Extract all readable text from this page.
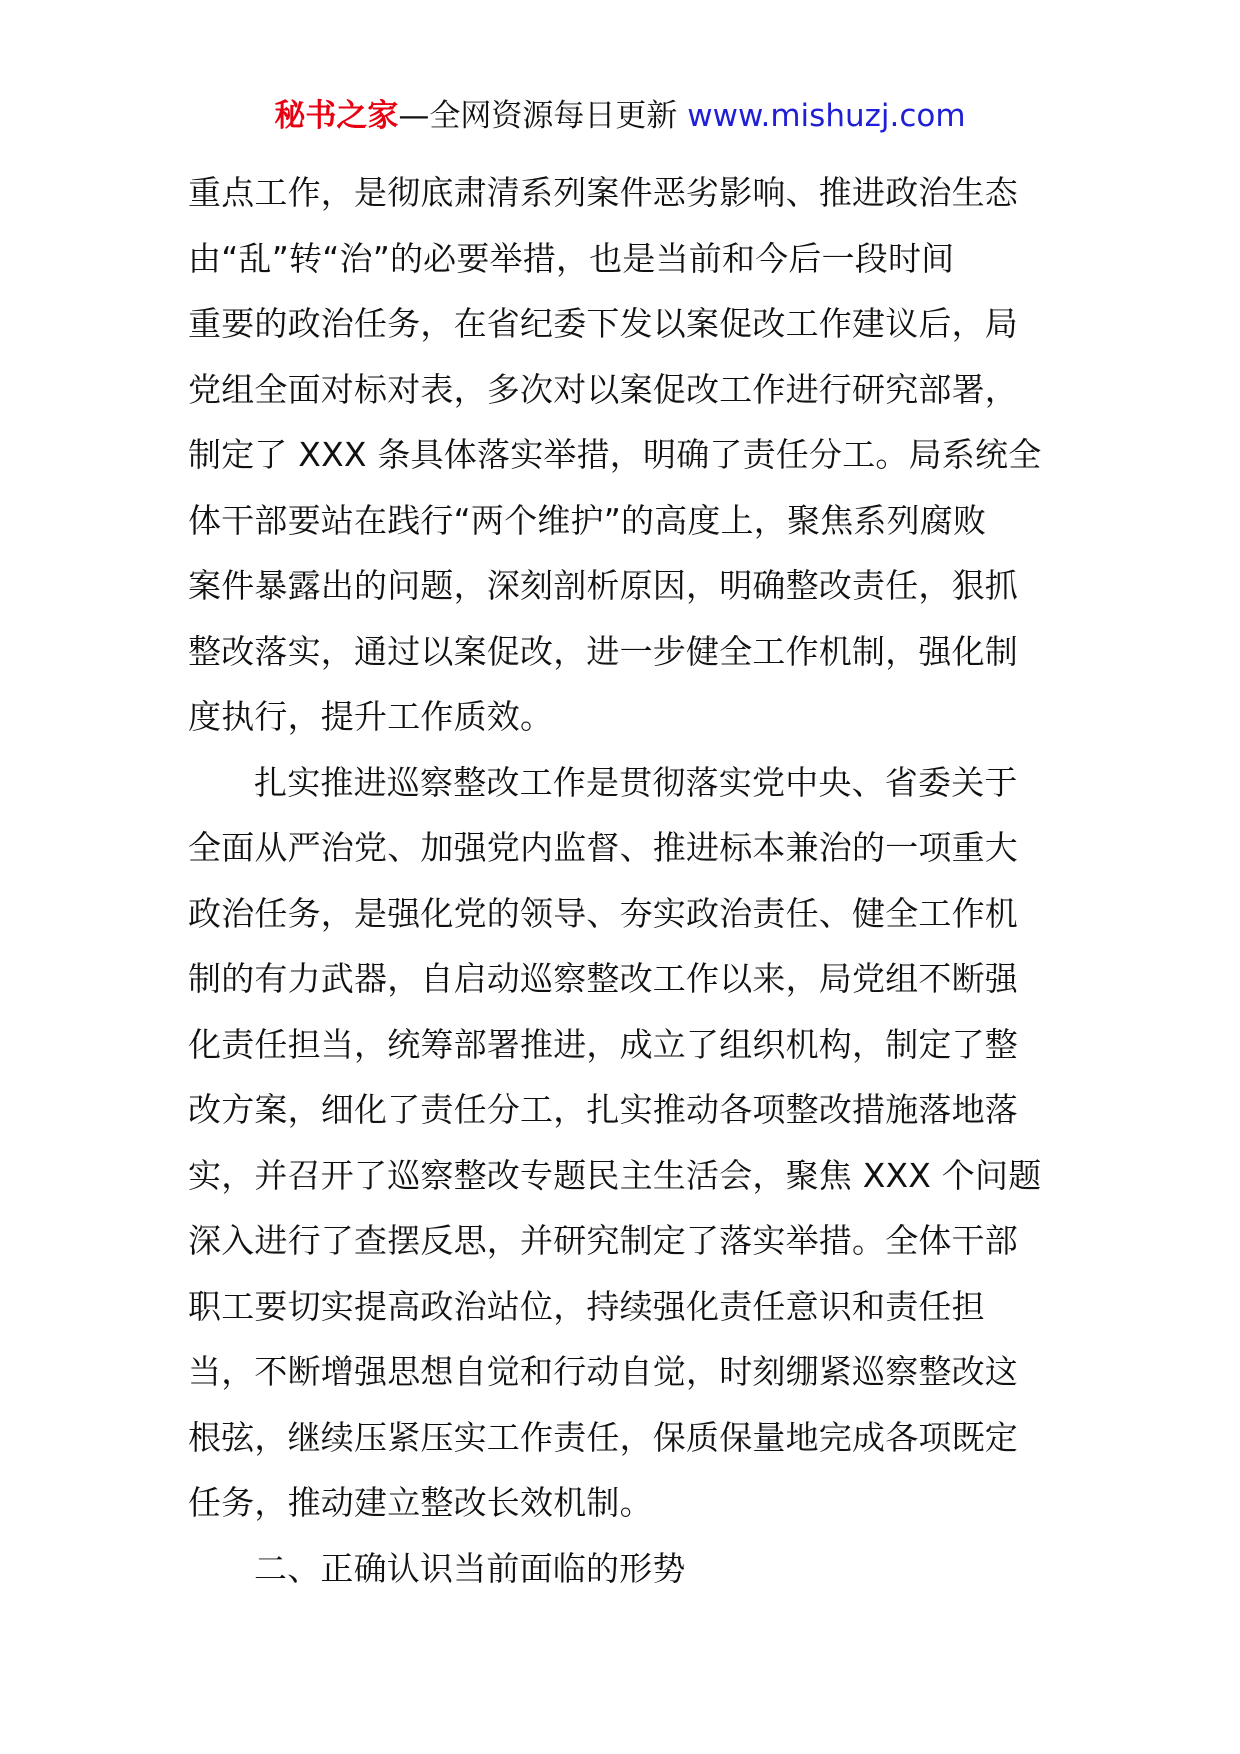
秘书之家—全网资源每日更新 www.mishuzj.com
重点工作，是彻底肃清系列案件恶劣影响、推进政治生态
由“乱”转“治”的必要举措，也是当前和今后一段时间
重要的政治任务，在省纪委下发以案促改工作建议后，局
党组全面对标对表，多次对以案促改工作进行研究部署，
制定了 XXX 条具体落实举措，明确了责任分工。局系统全
体干部要站在践行“两个维护”的高度上，聚焦系列腐败
案件暴露出的问题，深刻剖析原因，明确整改责任，狠抓
整改落实，通过以案促改，进一步健全工作机制，强化制
度执行，提升工作质效。
扎实推进巡察整改工作是贯彻落实党中央、省委关于
全面从严治党、加强党内监督、推进标本兼治的一项重大
政治任务，是强化党的领导、夯实政治责任、健全工作机
制的有力武器，自启动巡察整改工作以来，局党组不断强
化责任担当，统筹部署推进，成立了组织机构，制定了整
改方案，细化了责任分工，扎实推动各项整改措施落地落
实，并召开了巡察整改专题民主生活会，聚焦 XXX 个问题
深入进行了查摆反思，并研究制定了落实举措。全体干部
职工要切实提高政治站位，持续强化责任意识和责任担
当，不断增强思想自觉和行动自觉，时刻绷紧巡察整改这
根弦，继续压紧压实工作责任，保质保量地完成各项既定
任务，推动建立整改长效机制。
二、正确认识当前面临的形势
